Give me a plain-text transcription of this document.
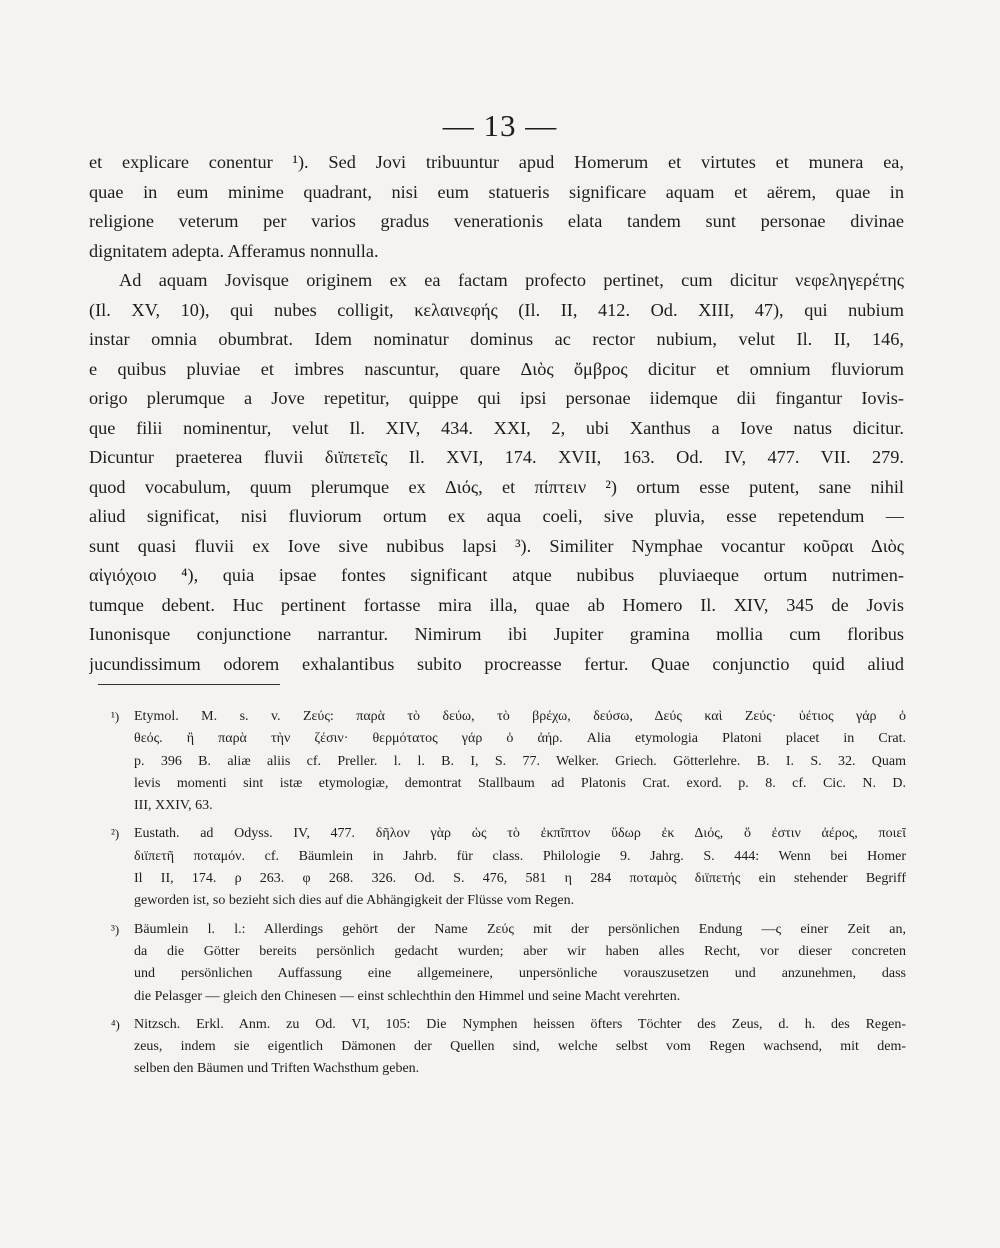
— 13 —
et explicare conentur ¹). Sed Jovi tribuuntur apud Homerum et virtutes et munera ea,
quae in eum minime quadrant, nisi eum statueris significare aquam et aërem, quae in
religione veterum per varios gradus venerationis elata tandem sunt personae divinae
dignitatem adepta. Afferamus nonnulla.
Ad aquam Jovisque originem ex ea factam profecto pertinet, cum dicitur νεφεληγερέτης
(Il. XV, 10), qui nubes colligit, κελαινεφής (Il. II, 412. Od. XIII, 47), qui nubium
instar omnia obumbrat. Idem nominatur dominus ac rector nubium, velut Il. II, 146,
e quibus pluviae et imbres nascuntur, quare Διὸς ὄμβρος dicitur et omnium fluviorum
origo plerumque a Jove repetitur, quippe qui ipsi personae iidemque dii fingantur Iovis-
que filii nominentur, velut Il. XIV, 434. XXI, 2, ubi Xanthus a Iove natus dicitur.
Dicuntur praeterea fluvii διϊπετεῖς Il. XVI, 174. XVII, 163. Od. IV, 477. VII. 279.
quod vocabulum, quum plerumque ex Διός, et πίπτειν ²) ortum esse putent, sane nihil
aliud significat, nisi fluviorum ortum ex aqua coeli, sive pluvia, esse repetendum —
sunt quasi fluvii ex Iove sive nubibus lapsi ³). Similiter Nymphae vocantur κοῦραι Διὸς
αἰγιόχοιο ⁴), quia ipsae fontes significant atque nubibus pluviaeque ortum nutrimen-
tumque debent. Huc pertinent fortasse mira illa, quae ab Homero Il. XIV, 345 de Jovis
Iunonisque conjunctione narrantur. Nimirum ibi Jupiter gramina mollia cum floribus
jucundissimum odorem exhalantibus subito procreasse fertur. Quae conjunctio quid aliud
¹) Etymol. M. s. v. Ζεύς: παρὰ τὸ δεύω, τὸ βρέχω, δεύσω, Δεύς καὶ Ζεύς· ὑέτιος γάρ ὁ
θεός. ἢ παρὰ τὴν ζέσιν· θερμότατος γάρ ὁ ἀήρ. Alia etymologia Platoni placet in Crat.
p. 396 B. aliæ aliis cf. Preller. l. l. B. I, S. 77. Welker. Griech. Götterlehre. B. I. S. 32. Quam
levis momenti sint istæ etymologiæ, demontrat Stallbaum ad Platonis Crat. exord. p. 8. cf. Cic. N. D.
III, XXIV, 63.
²) Eustath. ad Odyss. IV, 477. δῆλον γὰρ ὡς τὸ ἐκπῖπτον ὕδωρ ἐκ Διός, ὅ ἐστιν ἀέρος, ποιεῖ
διϊπετῆ ποταμόν. cf. Bäumlein in Jahrb. für class. Philologie 9. Jahrg. S. 444: Wenn bei Homer
Il II, 174. ρ 263. φ 268. 326. Od. S. 476, 581 η 284 ποταμὸς διϊπετής ein stehender Begriff
geworden ist, so bezieht sich dies auf die Abhängigkeit der Flüsse vom Regen.
³) Bäumlein l. l.: Allerdings gehört der Name Ζεύς mit der persönlichen Endung —ς einer Zeit an,
da die Götter bereits persönlich gedacht wurden; aber wir haben alles Recht, vor dieser concreten
und persönlichen Auffassung eine allgemeinere, unpersönliche vorauszusetzen und anzunehmen, dass
die Pelasger — gleich den Chinesen — einst schlechthin den Himmel und seine Macht verehrten.
⁴) Nitzsch. Erkl. Anm. zu Od. VI, 105: Die Nymphen heissen öfters Töchter des Zeus, d. h. des Regen-
zeus, indem sie eigentlich Dämonen der Quellen sind, welche selbst vom Regen wachsend, mit dem-
selben den Bäumen und Triften Wachsthum geben.
